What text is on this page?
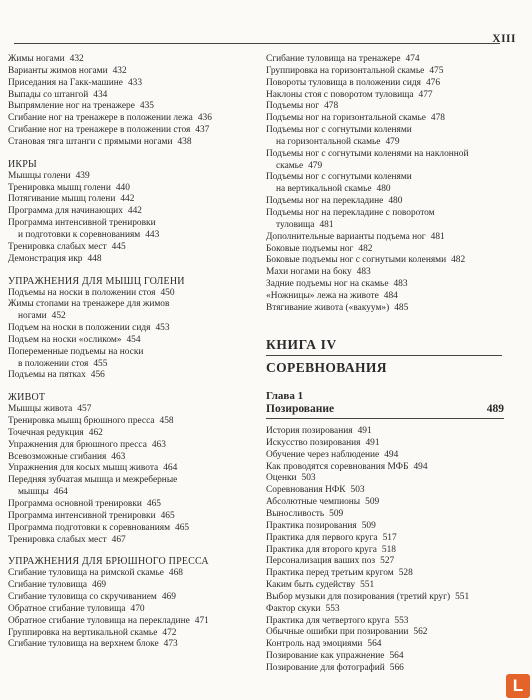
XIII
Жимы ногами 432
Варианты жимов ногами 432
Приседания на Гакк-машине 433
Выпады со штангой 434
Выпрямление ног на тренажере 435
Сгибание ног на тренажере в положении лежа 436
Сгибание ног на тренажере в положении стоя 437
Становая тяга штанги с прямыми ногами 438
ИКРЫ
Мышцы голени 439
Тренировка мышц голени 440
Потягивание мышц голени 442
Программа для начинающих 442
Программа интенсивной тренировки
и подготовки к соревнованиям 443
Тренировка слабых мест 445
Демонстрация икр 448
УПРАЖНЕНИЯ ДЛЯ МЫШЦ ГОЛЕНИ
Подъемы на носки в положении стоя 450
Жимы стопами на тренажере для жимов
ногами 452
Подъем на носки в положении сидя 453
Подъем на носки «осликом» 454
Попеременные подъемы на носки
в положении стоя 455
Подъемы на пятках 456
ЖИВОТ
Мышцы живота 457
Тренировка мышц брюшного пресса 458
Точечная редукция 462
Упражнения для брюшного пресса 463
Всевозможные сгибания 463
Упражнения для косых мышц живота 464
Передняя зубчатая мышца и межреберные
мышцы 464
Программа основной тренировки 465
Программа интенсивной тренировки 465
Программа подготовки к соревнованиям 465
Тренировка слабых мест 467
УПРАЖНЕНИЯ ДЛЯ БРЮШНОГО ПРЕССА
Сгибание туловища на римской скамье 468
Сгибание туловища 469
Сгибание туловища со скручиванием 469
Обратное сгибание туловища 470
Обратное сгибание туловища на перекладине 471
Группировка на вертикальной скамье 472
Сгибание туловища на верхнем блоке 473
Сгибание туловища на тренажере 474
Группировка на горизонтальной скамье 475
Повороты туловища в положении сидя 476
Наклоны стоя с поворотом туловища 477
Подъемы ног 478
Подъемы ног на горизонтальной скамье 478
Подъемы ног с согнутыми коленями
на горизонтальной скамье 479
Подъемы ног с согнутыми коленями на наклонной
скамье 479
Подъемы ног с согнутыми коленями
на вертикальной скамье 480
Подъемы ног на перекладине 480
Подъемы ног на перекладине с поворотом
туловища 481
Дополнительные варианты подъема ног 481
Боковые подъемы ног 482
Боковые подъемы ног с согнутыми коленями 482
Махи ногами на боку 483
Задние подъемы ног на скамье 483
«Ножницы» лежа на животе 484
Втягивание живота («вакуум») 485
КНИГА IV
СОРЕВНОВАНИЯ
Глава 1
Позирование	489
История позирования 491
Искусство позирования 491
Обучение через наблюдение 494
Как проводятся соревнования МФБ 494
Оценки 503
Соревнования НФК 503
Абсолютные чемпионы 509
Выносливость 509
Практика позирования 509
Практика для первого круга 517
Практика для второго круга 518
Персонализация ваших поз 527
Практика перед третьим кругом 528
Каким быть судейству 551
Выбор музыки для позирования (третий круг) 551
Фактор скуки 553
Практика для четвертого круга 553
Обычные ошибки при позировании 562
Контроль над эмоциями 564
Позирование как упражнение 564
Позирование для фотографий 566
L
